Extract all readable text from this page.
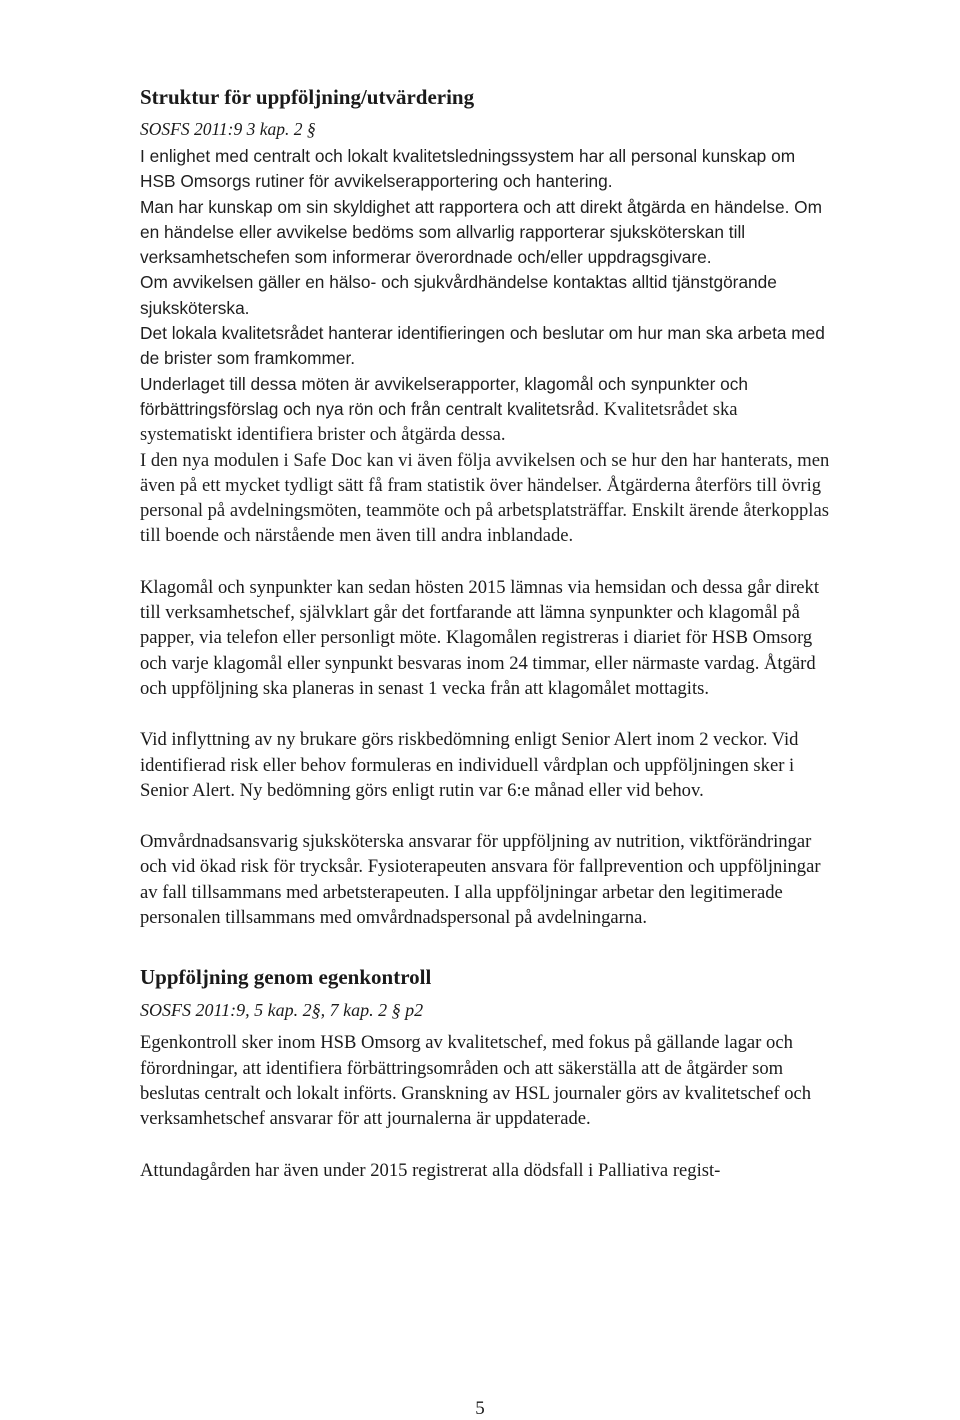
Struktur för uppföljning/utvärdering

SOSFS 2011:9 3 kap. 2 §

I enlighet med centralt och lokalt kvalitetsledningssystem har all personal kunskap om HSB Omsorgs rutiner för avvikelserapportering och hantering.

Man har kunskap om sin skyldighet att rapportera och att direkt åtgärda en händelse. Om en händelse eller avvikelse bedöms som allvarlig rapporterar sjuksköterskan till verksamhetschefen som informerar överordnade och/eller uppdragsgivare.

Om avvikelsen gäller en hälso- och sjukvårdhändelse kontaktas alltid tjänstgörande sjuksköterska.

Det lokala kvalitetsrådet hanterar identifieringen och beslutar om hur man ska arbeta med de brister som framkommer.

Underlaget till dessa möten är avvikelserapporter, klagomål och synpunkter och förbättringsförslag och nya rön och från centralt kvalitetsråd. Kvalitetsrådet ska systematiskt identifiera brister och åtgärda dessa.

I den nya modulen i Safe Doc kan vi även följa avvikelsen och se hur den har hanterats, men även på ett mycket tydligt sätt få fram statistik över händelser. Åtgärderna återförs till övrig personal på avdelningsmöten, teammöte och på arbetsplatsträffar. Enskilt ärende återkopplas till boende och närstående men även till andra inblandade.

Klagomål och synpunkter kan sedan hösten 2015 lämnas via hemsidan och dessa går direkt till verksamhetschef, självklart går det fortfarande att lämna synpunkter och klagomål på papper, via telefon eller personligt möte. Klagomålen registreras i diariet för HSB Omsorg och varje klagomål eller synpunkt besvaras inom 24 timmar, eller närmaste vardag. Åtgärd och uppföljning ska planeras in senast 1 vecka från att klagomålet mottagits.

Vid inflyttning av ny brukare görs riskbedömning enligt Senior Alert inom 2 veckor. Vid identifierad risk eller behov formuleras en individuell vårdplan och uppföljningen sker i Senior Alert. Ny bedömning görs enligt rutin var 6:e månad eller vid behov.

Omvårdnadsansvarig sjuksköterska ansvarar för uppföljning av nutrition, viktförändringar och vid ökad risk för trycksår. Fysioterapeuten ansvara för fallprevention och uppföljningar av fall tillsammans med arbetsterapeuten. I alla uppföljningar arbetar den legitimerade personalen tillsammans med omvårdnadspersonal på avdelningarna.

Uppföljning genom egenkontroll

SOSFS 2011:9, 5 kap. 2§, 7 kap. 2 § p2

Egenkontroll sker inom HSB Omsorg av kvalitetschef, med fokus på gällande lagar och förordningar, att identifiera förbättringsområden och att säkerställa att de åtgärder som beslutas centralt och lokalt införts. Granskning av HSL journaler görs av kvalitetschef och verksamhetschef ansvarar för att journalerna är uppdaterade.

Attundagården har även under 2015 registrerat alla dödsfall i Palliativa regist-

5
